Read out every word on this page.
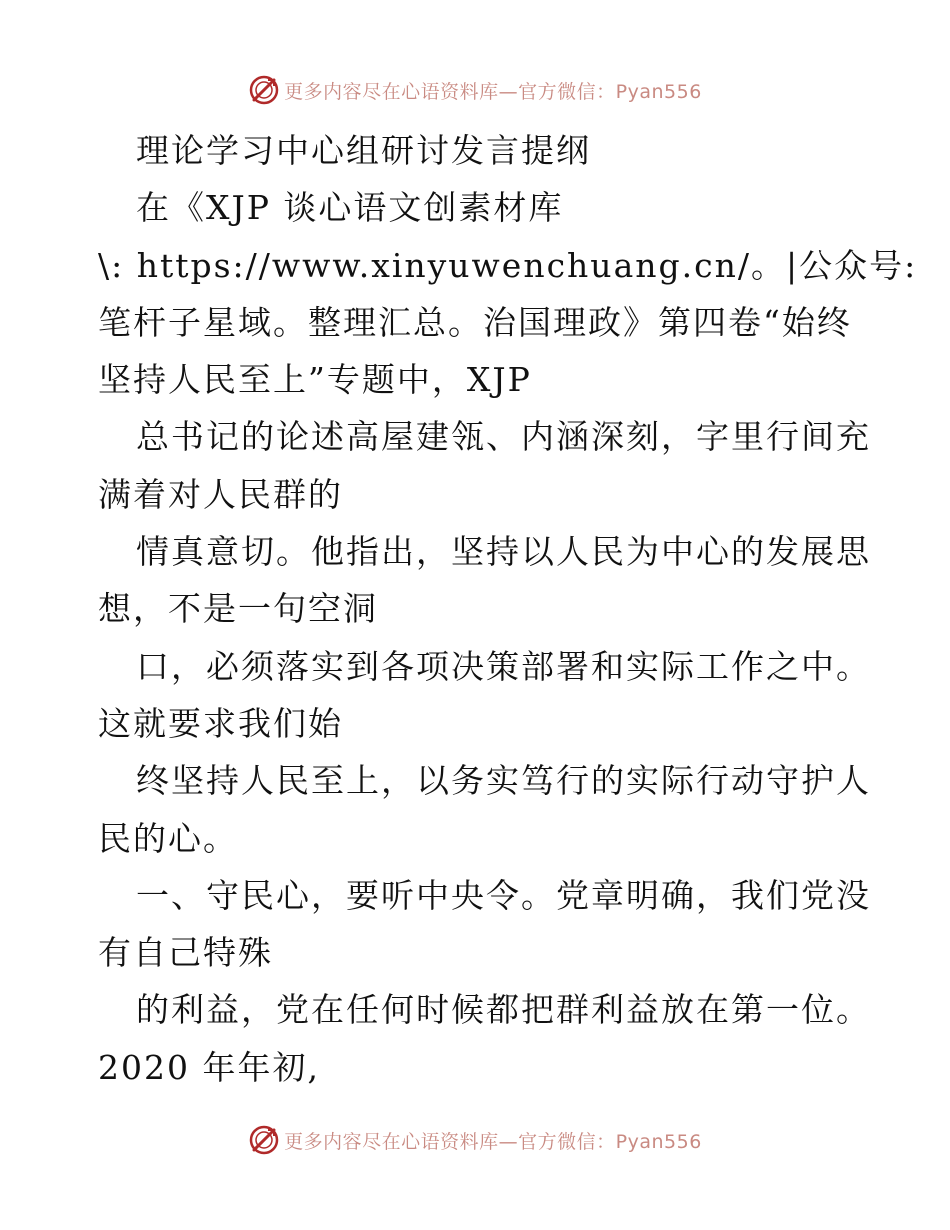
更多内容尽在心语资料库—官方微信：Pyan556
理论学习中心组研讨发言提纲
在《XJP 谈心语文创素材库
\: https://www.xinyuwenchuang.cn/。|公众号:
笔杆子星域。整理汇总。治国理政》第四卷“始终
坚持人民至上”专题中，XJP
总书记的论述高屋建瓴、内涵深刻，字里行间充
满着对人民群的
情真意切。他指出，坚持以人民为中心的发展思
想，不是一句空洞
口，必须落实到各项决策部署和实际工作之中。
这就要求我们始
终坚持人民至上，以务实笃行的实际行动守护人
民的心。
一、守民心，要听中央令。党章明确，我们党没
有自己特殊
的利益，党在任何时候都把群利益放在第一位。
2020 年年初,
更多内容尽在心语资料库—官方微信：Pyan556
